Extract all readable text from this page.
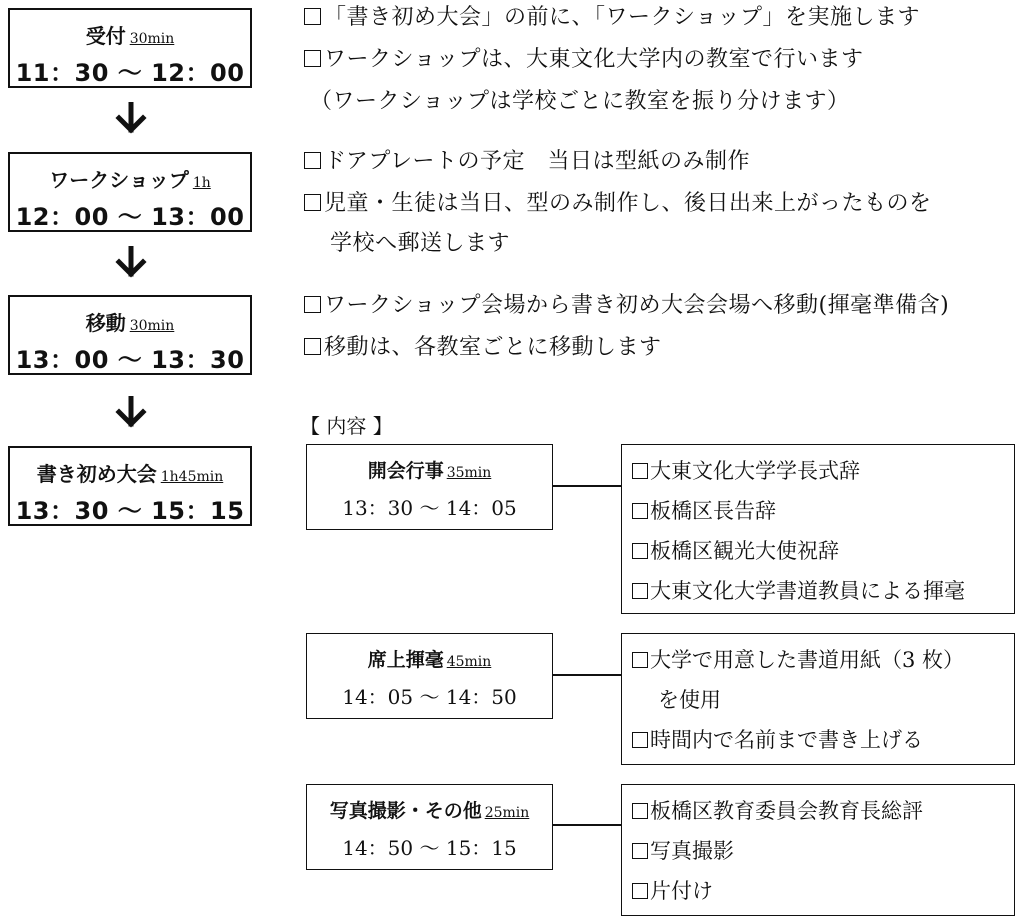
受付 30min
11：30 ～ 12：00
ワークショップ 1h
12：00 ～ 13：00
移動 30min
13：00 ～ 13：30
書き初め大会 1h45min
13：30 ～ 15：15
「書き初め大会」の前に、「ワークショップ」を実施します
ワークショップは、大東文化大学内の教室で行います
（ワークショップは学校ごとに教室を振り分けます）
ドアプレートの予定　当日は型紙のみ制作
児童・生徒は当日、型のみ制作し、後日出来上がったものを
学校へ郵送します
ワークショップ会場から書き初め大会会場へ移動(揮毫準備含)
移動は、各教室ごとに移動します
【 内容 】
開会行事 35min
13：30 ～ 14：05
大東文化大学学長式辞
板橋区長告辞
板橋区観光大使祝辞
大東文化大学書道教員による揮毫
席上揮毫 45min
14：05 ～ 14：50
大学で用意した書道用紙（3 枚）
を使用
時間内で名前まで書き上げる
写真撮影・その他 25min
14：50 ～ 15：15
板橋区教育委員会教育長総評
写真撮影
片付け
